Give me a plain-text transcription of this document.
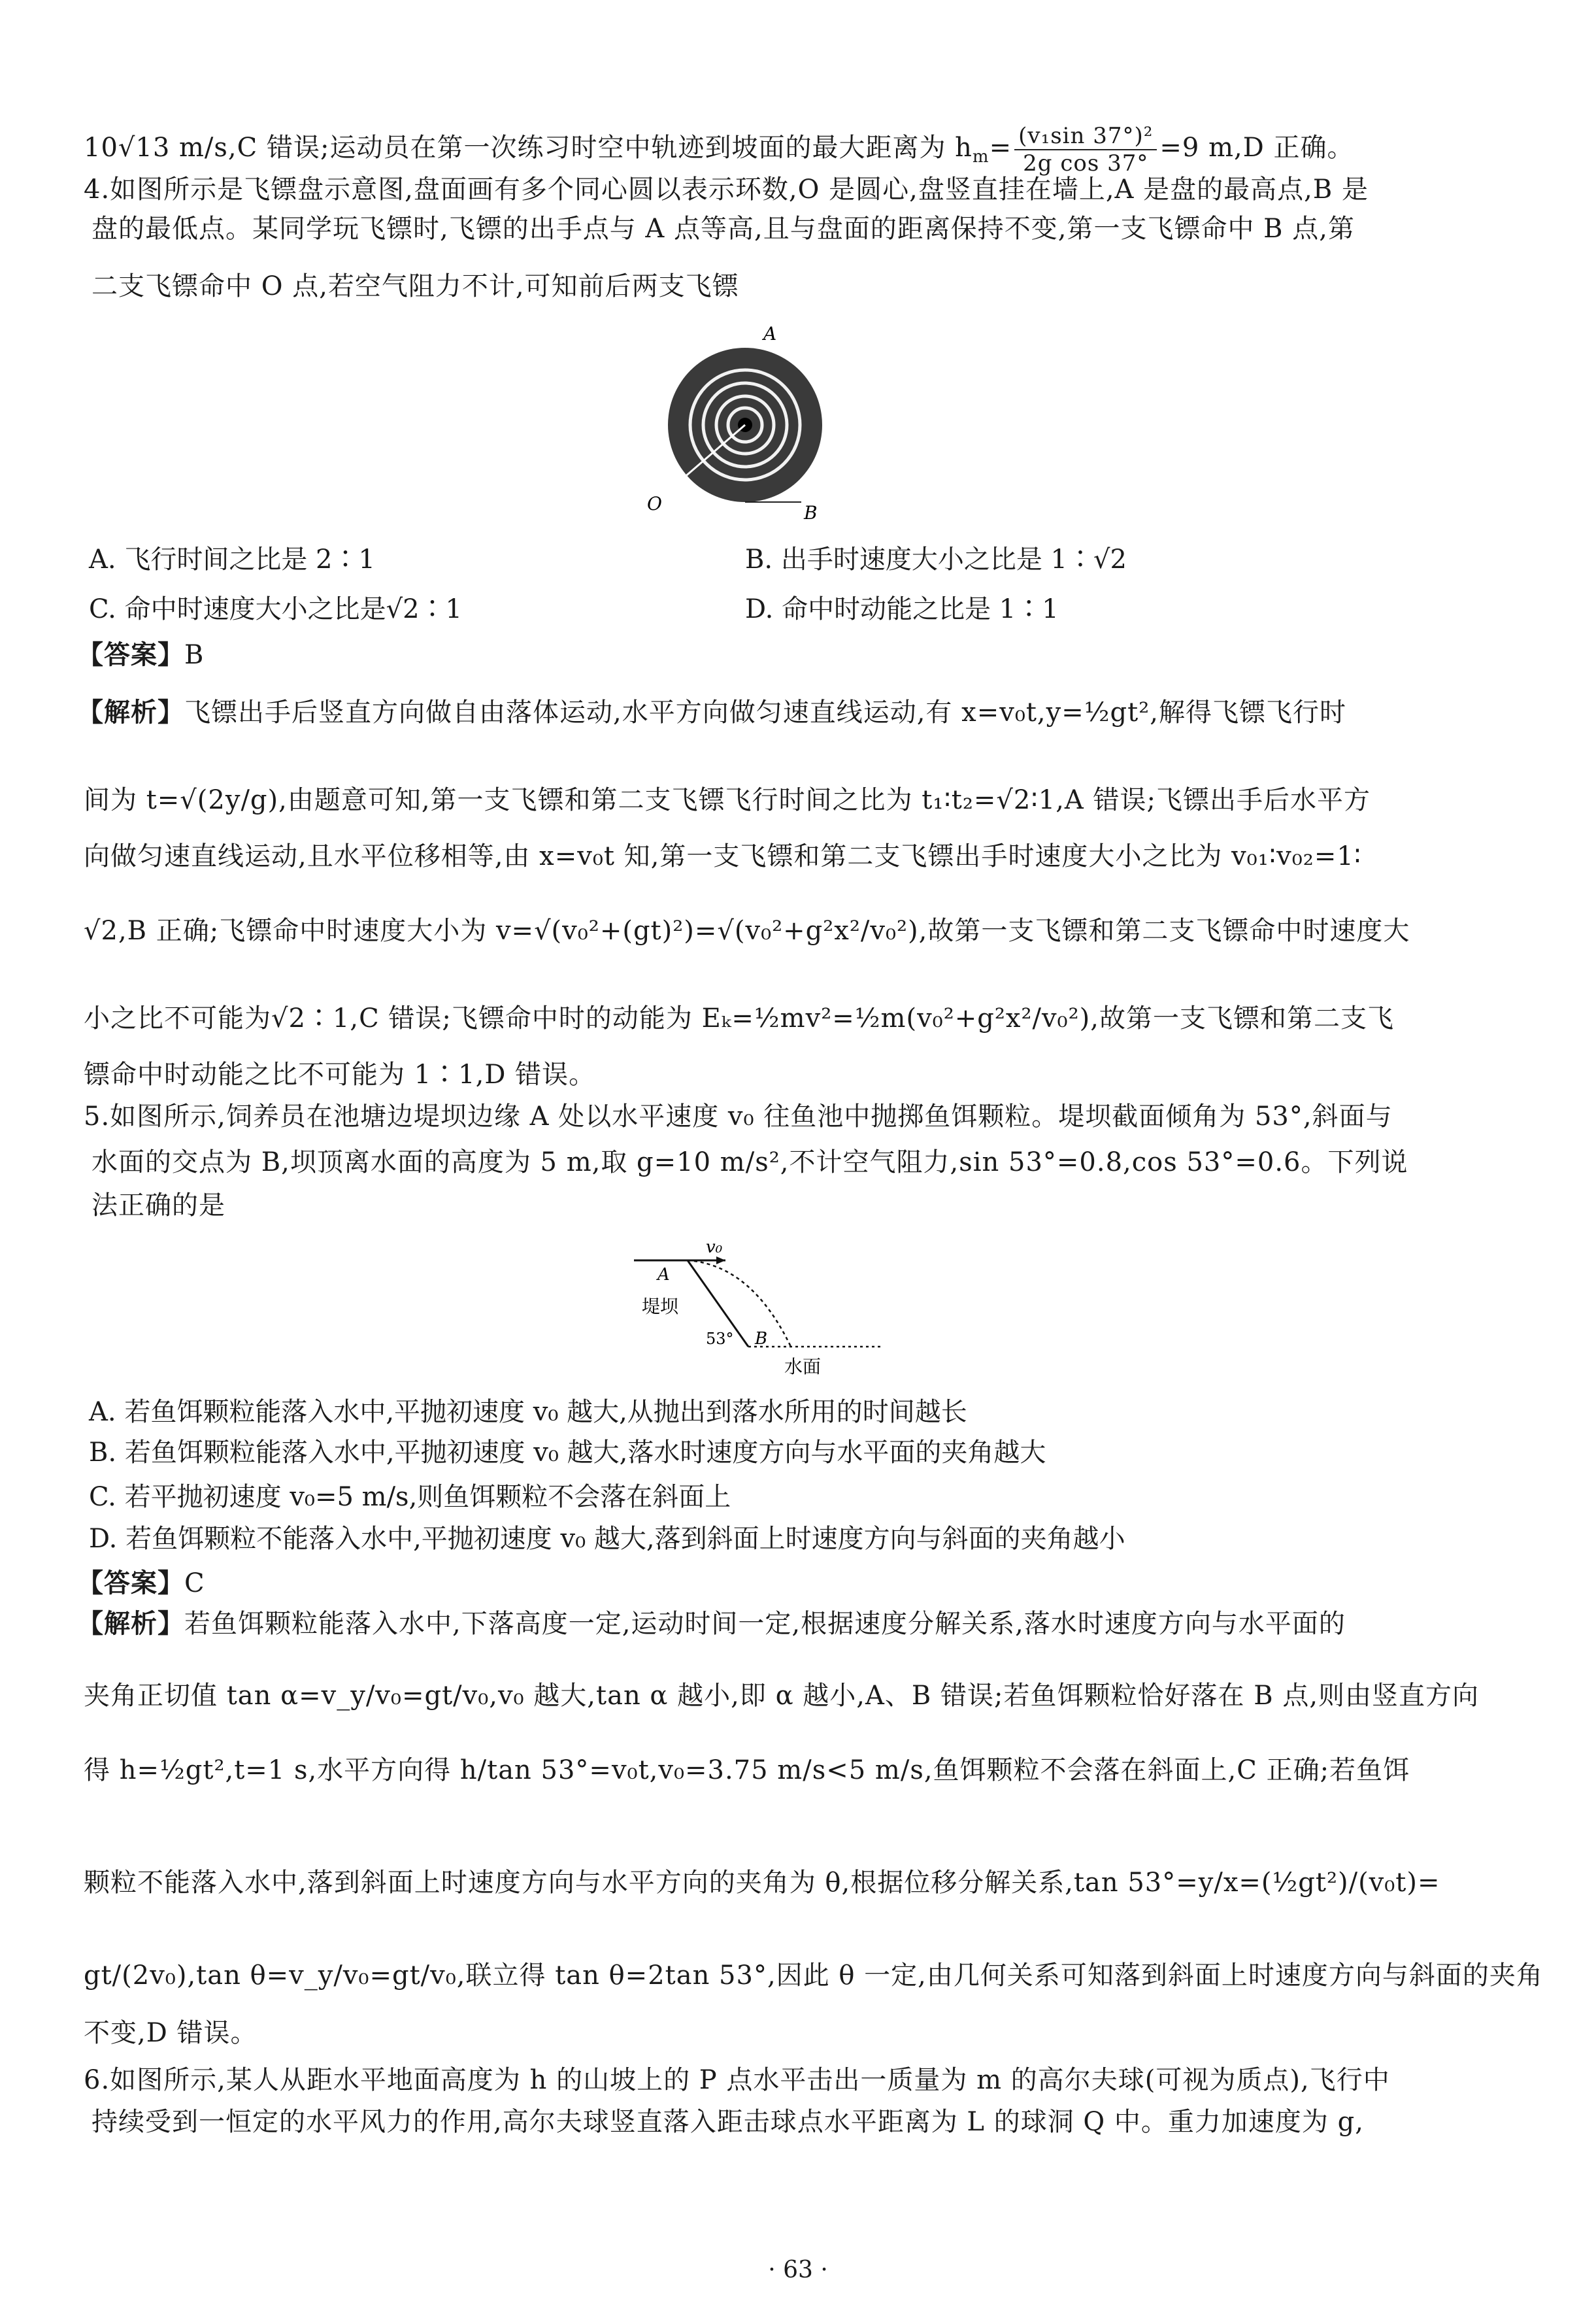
10√13 m/s,C 错误;运动员在第一次练习时空中轨迹到坡面的最大距离为 $h_m= \frac{\text{(v₁sin 37°)²}}{\text{2g cos 37°}} =9$ m,D 正确。
4.如图所示是飞镖盘示意图,盘面画有多个同心圆以表示环数,O 是圆心,盘竖直挂在墙上,A 是盘的最高点,B 是
盘的最低点。某同学玩飞镖时,飞镖的出手点与 A 点等高,且与盘面的距离保持不变,第一支飞镖命中 B 点,第
二支飞镖命中 O 点,若空气阻力不计,可知前后两支飞镖
A
O	B
A. 飞行时间之比是 2∶1	B. 出手时速度大小之比是 1∶√2
C. 命中时速度大小之比是√2∶1	D. 命中时动能之比是 1∶1
【答案】B
【解析】飞镖出手后竖直方向做自由落体运动,水平方向做匀速直线运动,有 x=v₀t,y=½gt²,解得飞镖飞行时
间为 t=√(2y/g),由题意可知,第一支飞镖和第二支飞镖飞行时间之比为 t₁∶t₂=√2∶1,A 错误;飞镖出手后水平方
向做匀速直线运动,且水平位移相等,由 x=v₀t 知,第一支飞镖和第二支飞镖出手时速度大小之比为 v₀₁∶v₀₂=1∶
√2,B 正确;飞镖命中时速度大小为 v=√(v₀²+(gt)²)=√(v₀²+g²x²/v₀²),故第一支飞镖和第二支飞镖命中时速度大
小之比不可能为√2∶1,C 错误;飞镖命中时的动能为 Eₖ=½mv²=½m(v₀²+g²x²/v₀²),故第一支飞镖和第二支飞
镖命中时动能之比不可能为 1∶1,D 错误。
5.如图所示,饲养员在池塘边堤坝边缘 A 处以水平速度 v₀ 往鱼池中抛掷鱼饵颗粒。堤坝截面倾角为 53°,斜面与
水面的交点为 B,坝顶离水面的高度为 5 m,取 g=10 m/s²,不计空气阻力,sin 53°=0.8,cos 53°=0.6。下列说
法正确的是
v₀
A
堤坝
53° B
水面
A. 若鱼饵颗粒能落入水中,平抛初速度 v₀ 越大,从抛出到落水所用的时间越长
B. 若鱼饵颗粒能落入水中,平抛初速度 v₀ 越大,落水时速度方向与水平面的夹角越大
C. 若平抛初速度 v₀=5 m/s,则鱼饵颗粒不会落在斜面上
D. 若鱼饵颗粒不能落入水中,平抛初速度 v₀ 越大,落到斜面上时速度方向与斜面的夹角越小
【答案】C
【解析】若鱼饵颗粒能落入水中,下落高度一定,运动时间一定,根据速度分解关系,落水时速度方向与水平面的
夹角正切值 tan α=v_y/v₀=gt/v₀,v₀ 越大,tan α 越小,即 α 越小,A、B 错误;若鱼饵颗粒恰好落在 B 点,则由竖直方向
得 h=½gt²,t=1 s,水平方向得 h/tan 53°=v₀t,v₀=3.75 m/s<5 m/s,鱼饵颗粒不会落在斜面上,C 正确;若鱼饵
颗粒不能落入水中,落到斜面上时速度方向与水平方向的夹角为 θ,根据位移分解关系,tan 53°=y/x=(½gt²)/(v₀t)=
gt/(2v₀),tan θ=v_y/v₀=gt/v₀,联立得 tan θ=2tan 53°,因此 θ 一定,由几何关系可知落到斜面上时速度方向与斜面的夹角
不变,D 错误。
6.如图所示,某人从距水平地面高度为 h 的山坡上的 P 点水平击出一质量为 m 的高尔夫球(可视为质点),飞行中
持续受到一恒定的水平风力的作用,高尔夫球竖直落入距击球点水平距离为 L 的球洞 Q 中。重力加速度为 g,
· 63 ·
